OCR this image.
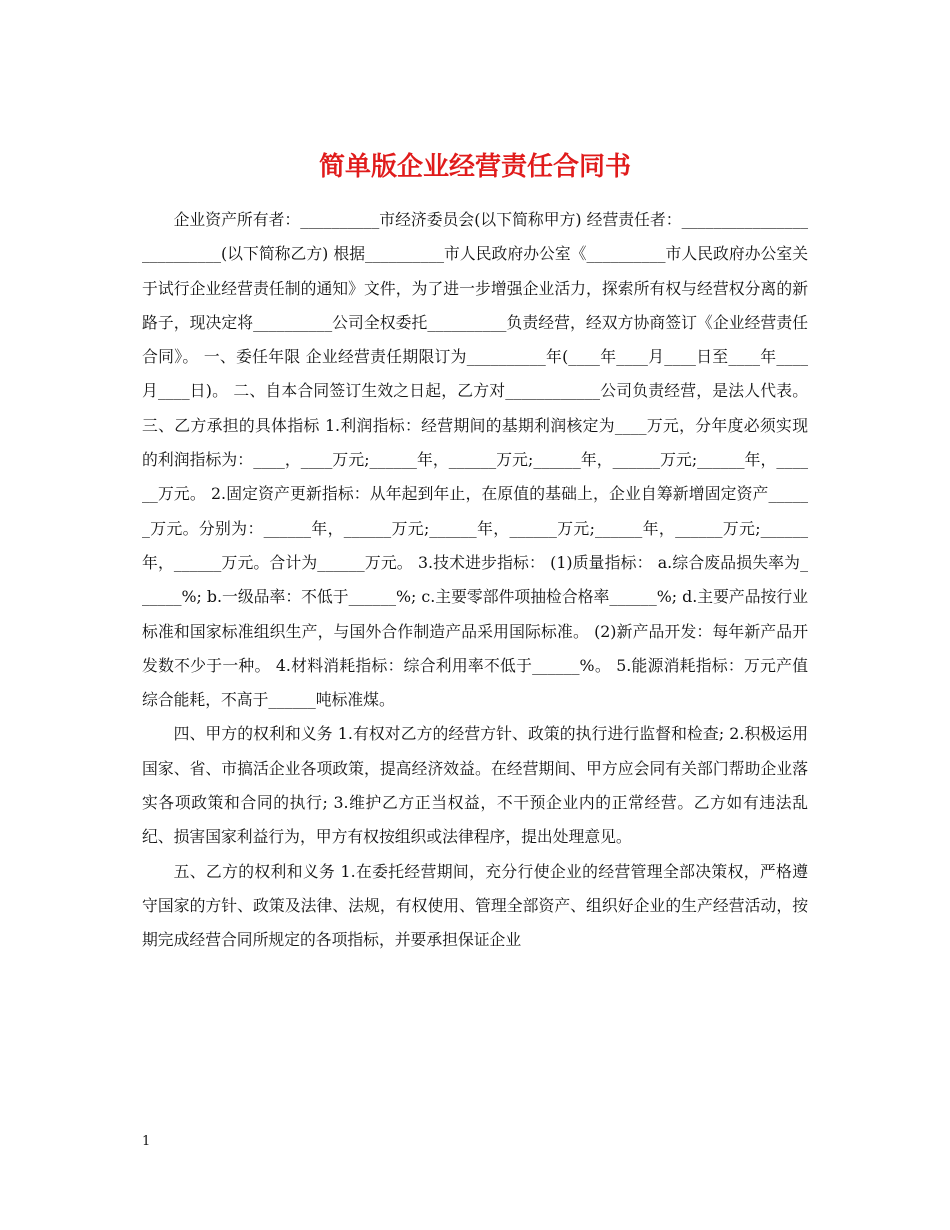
简单版企业经营责任合同书

企业资产所有者：__________市经济委员会(以下简称甲方) 经营责任者：__________________________(以下简称乙方) 根据__________市人民政府办公室《__________市人民政府办公室关于试行企业经营责任制的通知》文件，为了进一步增强企业活力，探索所有权与经营权分离的新路子，现决定将__________公司全权委托__________负责经营，经双方协商签订《企业经营责任合同》。 一、委任年限 企业经营责任期限订为__________年(____年____月____日至____年____月____日)。 二、自本合同签订生效之日起，乙方对____________公司负责经营，是法人代表。 三、乙方承担的具体指标 1.利润指标：经营期间的基期利润核定为____万元，分年度必须实现的利润指标为：____，____万元;______年，______万元;______年，______万元;______年，______万元。 2.固定资产更新指标：从年起到年止，在原值的基础上，企业自筹新增固定资产______万元。分别为：______年，______万元;______年，______万元;______年，______万元;______年，______万元。合计为______万元。 3.技术进步指标： (1)质量指标： a.综合废品损失率为______%; b.一级品率：不低于______%; c.主要零部件项抽检合格率______%; d.主要产品按行业标准和国家标准组织生产，与国外合作制造产品采用国际标准。 (2)新产品开发：每年新产品开发数不少于一种。 4.材料消耗指标：综合利用率不低于______%。 5.能源消耗指标：万元产值综合能耗，不高于______吨标准煤。

四、甲方的权利和义务 1.有权对乙方的经营方针、政策的执行进行监督和检查; 2.积极运用国家、省、市搞活企业各项政策，提高经济效益。在经营期间、甲方应会同有关部门帮助企业落实各项政策和合同的执行; 3.维护乙方正当权益，不干预企业内的正常经营。乙方如有违法乱纪、损害国家利益行为，甲方有权按组织或法律程序，提出处理意见。

五、乙方的权利和义务 1.在委托经营期间，充分行使企业的经营管理全部决策权，严格遵守国家的方针、政策及法律、法规，有权使用、管理全部资产、组织好企业的生产经营活动，按期完成经营合同所规定的各项指标，并要承担保证企业

1
